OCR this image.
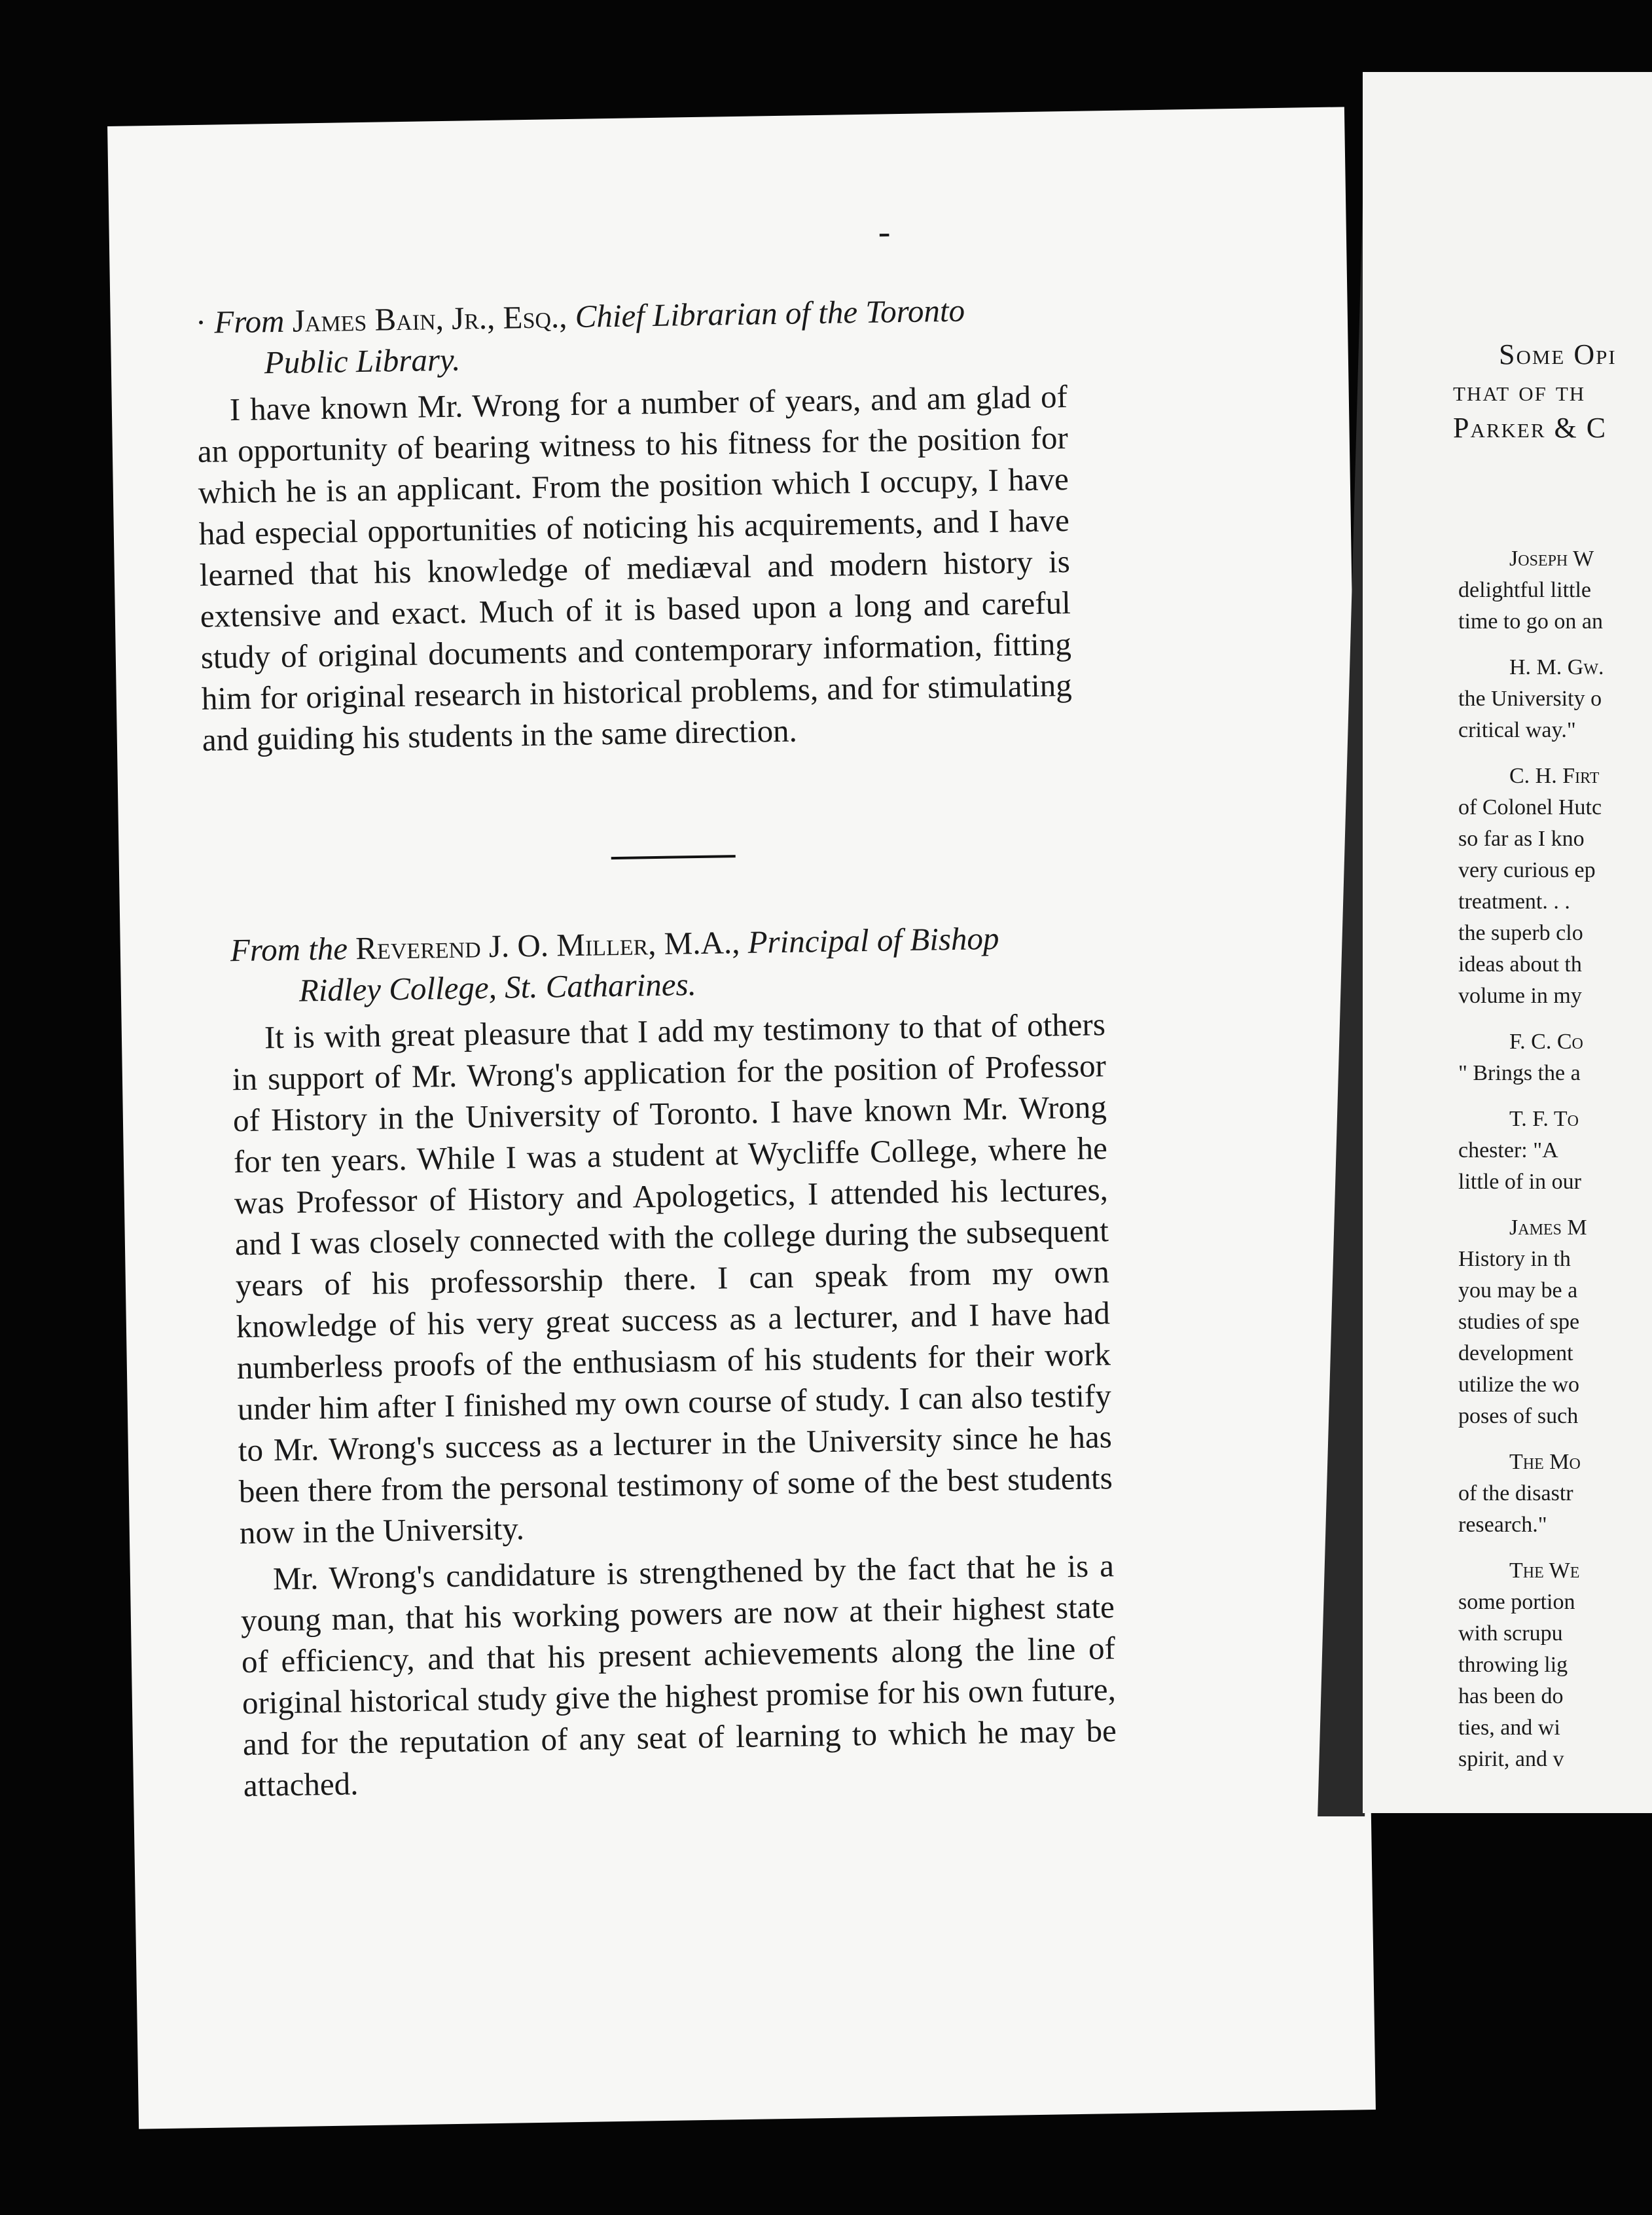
-

· From James Bain, Jr., Esq., Chief Librarian of the Toronto
Public Library.

I have known Mr. Wrong for a number of years, and am glad of an opportunity of bearing witness to his fitness for the position for which he is an applicant. From the position which I occupy, I have had especial opportunities of noticing his acquirements, and I have learned that his knowledge of mediæval and modern history is extensive and exact. Much of it is based upon a long and careful study of original documents and contemporary information, fitting him for original research in historical problems, and for stimulating and guiding his students in the same direction.

From the Reverend J. O. Miller, M.A., Principal of Bishop
Ridley College, St. Catharines.

It is with great pleasure that I add my testimony to that of others in support of Mr. Wrong's application for the position of Professor of History in the University of Toronto. I have known Mr. Wrong for ten years. While I was a student at Wycliffe College, where he was Professor of History and Apologetics, I attended his lectures, and I was closely connected with the college during the subsequent years of his professorship there. I can speak from my own knowledge of his very great success as a lecturer, and I have had numberless proofs of the enthusiasm of his students for their work under him after I finished my own course of study. I can also testify to Mr. Wrong's success as a lecturer in the University since he has been there from the personal testimony of some of the best students now in the University.

Mr. Wrong's candidature is strengthened by the fact that he is a young man, that his working powers are now at their highest state of efficiency, and that his present achievements along the line of original historical study give the highest promise for his own future, and for the reputation of any seat of learning to which he may be attached.

Some Opi
that of th
Parker & C

Joseph W

delightful little

time to go on an

H. M. Gw.

the University o

critical way."

C. H. Firt

of Colonel Hutc

so far as I kno

very curious ep

treatment. . .

the superb clo

ideas about th

volume in my

F. C. Co

" Brings the a

T. F. To

chester: "A

little of in our

James M

History in th

you may be a

studies of spe

development

utilize the wo

poses of such

The Mo

of the disastr

research."

The We

some portion

with scrupu

throwing lig

has been do

ties, and wi

spirit, and v
